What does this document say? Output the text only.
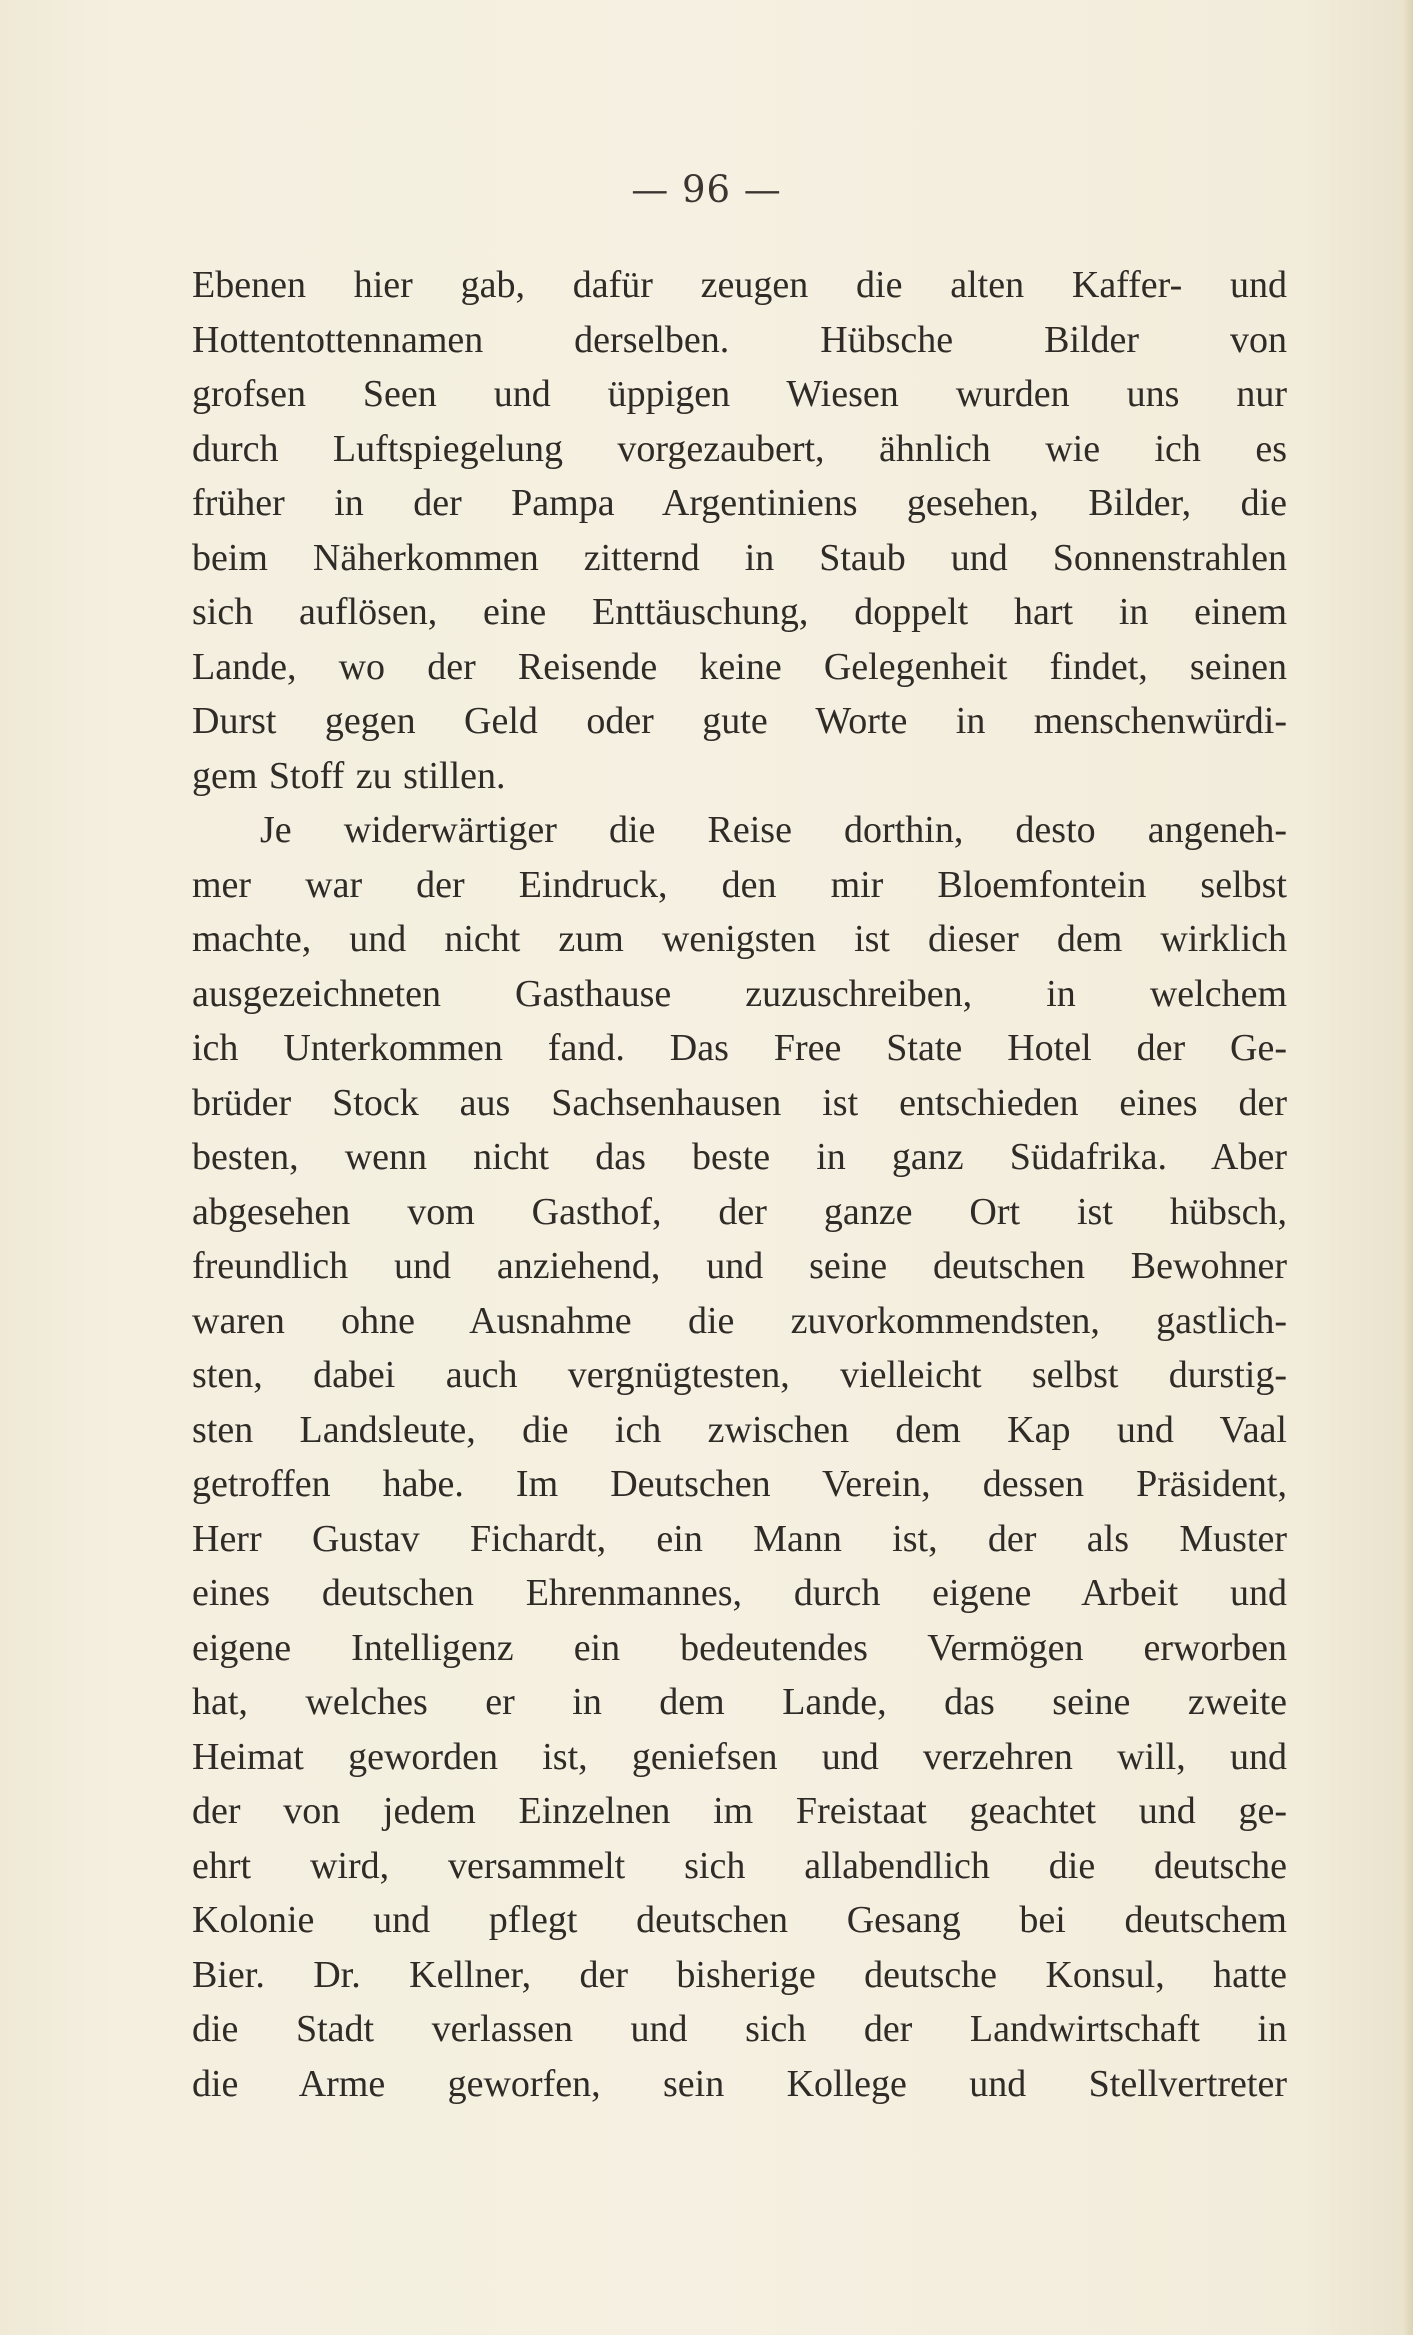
— 96 —
Ebenen hier gab, dafür zeugen die alten Kaffer- und
Hottentottennamen derselben. Hübsche Bilder von
grofsen Seen und üppigen Wiesen wurden uns nur
durch Luftspiegelung vorgezaubert, ähnlich wie ich es
früher in der Pampa Argentiniens gesehen, Bilder, die
beim Näherkommen zitternd in Staub und Sonnenstrahlen
sich auflösen, eine Enttäuschung, doppelt hart in einem
Lande, wo der Reisende keine Gelegenheit findet, seinen
Durst gegen Geld oder gute Worte in menschenwürdi-
gem Stoff zu stillen.
Je widerwärtiger die Reise dorthin, desto angeneh-
mer war der Eindruck, den mir Bloemfontein selbst
machte, und nicht zum wenigsten ist dieser dem wirklich
ausgezeichneten Gasthause zuzuschreiben, in welchem
ich Unterkommen fand. Das Free State Hotel der Ge-
brüder Stock aus Sachsenhausen ist entschieden eines der
besten, wenn nicht das beste in ganz Südafrika. Aber
abgesehen vom Gasthof, der ganze Ort ist hübsch,
freundlich und anziehend, und seine deutschen Bewohner
waren ohne Ausnahme die zuvorkommendsten, gastlich-
sten, dabei auch vergnügtesten, vielleicht selbst durstig-
sten Landsleute, die ich zwischen dem Kap und Vaal
getroffen habe. Im Deutschen Verein, dessen Präsident,
Herr Gustav Fichardt, ein Mann ist, der als Muster
eines deutschen Ehrenmannes, durch eigene Arbeit und
eigene Intelligenz ein bedeutendes Vermögen erworben
hat, welches er in dem Lande, das seine zweite
Heimat geworden ist, geniefsen und verzehren will, und
der von jedem Einzelnen im Freistaat geachtet und ge-
ehrt wird, versammelt sich allabendlich die deutsche
Kolonie und pflegt deutschen Gesang bei deutschem
Bier. Dr. Kellner, der bisherige deutsche Konsul, hatte
die Stadt verlassen und sich der Landwirtschaft in
die Arme geworfen, sein Kollege und Stellvertreter
